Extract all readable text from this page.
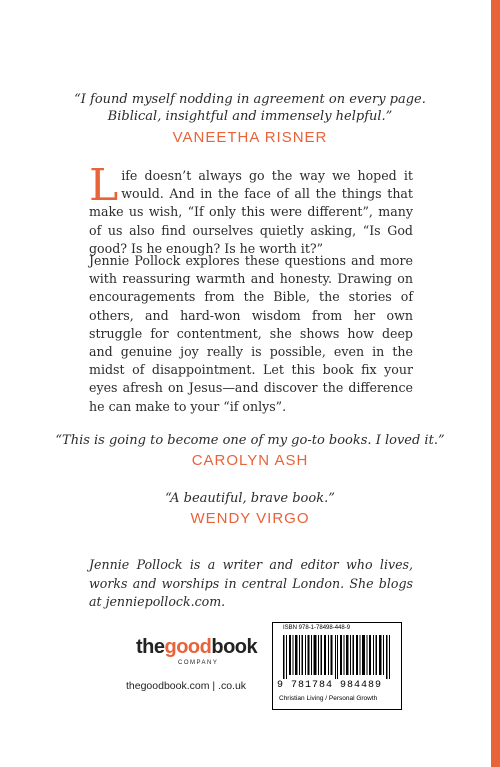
“I found myself nodding in agreement on every page.
Biblical, insightful and immensely helpful.”
VANEETHA RISNER
L ife doesn’t always go the way we hoped it would. And in the face of all the things that make us wish, “If only this were different”, many of us also find ourselves quietly asking, “Is God good? Is he enough? Is he worth it?”
Jennie Pollock explores these questions and more with reassuring warmth and honesty. Drawing on encouragements from the Bible, the stories of others, and hard-won wisdom from her own struggle for contentment, she shows how deep and genuine joy really is possible, even in the midst of disappointment. Let this book fix your eyes afresh on Jesus—and discover the difference he can make to your “if onlys”.
“This is going to become one of my go-to books. I loved it.”
CAROLYN ASH
“A beautiful, brave book.”
WENDY VIRGO
Jennie Pollock is a writer and editor who lives, works and worships in central London. She blogs at jenniepollock.com.
thegoodbook
COMPANY
thegoodbook.com | .co.uk
ISBN 978-1-78498-448-9
9 781784 984489
Christian Living / Personal Growth
